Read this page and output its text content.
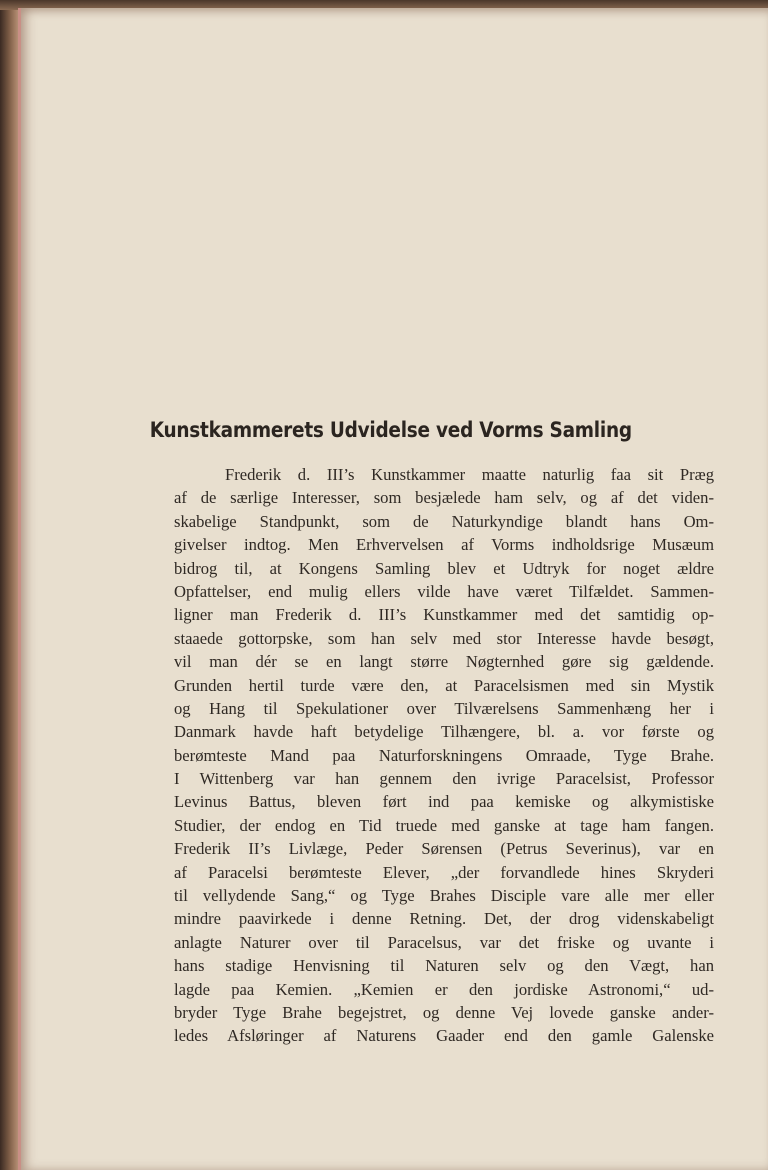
Kunstkammerets Udvidelse ved Vorms Samling
Frederik d. III’s Kunstkammer maatte naturlig faa sit Præg
af de særlige Interesser, som besjælede ham selv, og af det viden-
skabelige Standpunkt, som de Naturkyndige blandt hans Om-
givelser indtog. Men Erhvervelsen af Vorms indholdsrige Musæum
bidrog til, at Kongens Samling blev et Udtryk for noget ældre
Opfattelser, end mulig ellers vilde have været Tilfældet. Sammen-
ligner man Frederik d. III’s Kunstkammer med det samtidig op-
staaede gottorpske, som han selv med stor Interesse havde besøgt,
vil man dér se en langt større Nøgternhed gøre sig gældende.
Grunden hertil turde være den, at Paracelsismen med sin Mystik
og Hang til Spekulationer over Tilværelsens Sammenhæng her i
Danmark havde haft betydelige Tilhængere, bl. a. vor første og
berømteste Mand paa Naturforskningens Omraade, Tyge Brahe.
I Wittenberg var han gennem den ivrige Paracelsist, Professor
Levinus Battus, bleven ført ind paa kemiske og alkymistiske
Studier, der endog en Tid truede med ganske at tage ham fangen.
Frederik II’s Livlæge, Peder Sørensen (Petrus Severinus), var en
af Paracelsi berømteste Elever, „der forvandlede hines Skryderi
til vellydende Sang,“ og Tyge Brahes Disciple vare alle mer eller
mindre paavirkede i denne Retning. Det, der drog videnskabeligt
anlagte Naturer over til Paracelsus, var det friske og uvante i
hans stadige Henvisning til Naturen selv og den Vægt, han
lagde paa Kemien. „Kemien er den jordiske Astronomi,“ ud-
bryder Tyge Brahe begejstret, og denne Vej lovede ganske ander-
ledes Afsløringer af Naturens Gaader end den gamle Galenske
